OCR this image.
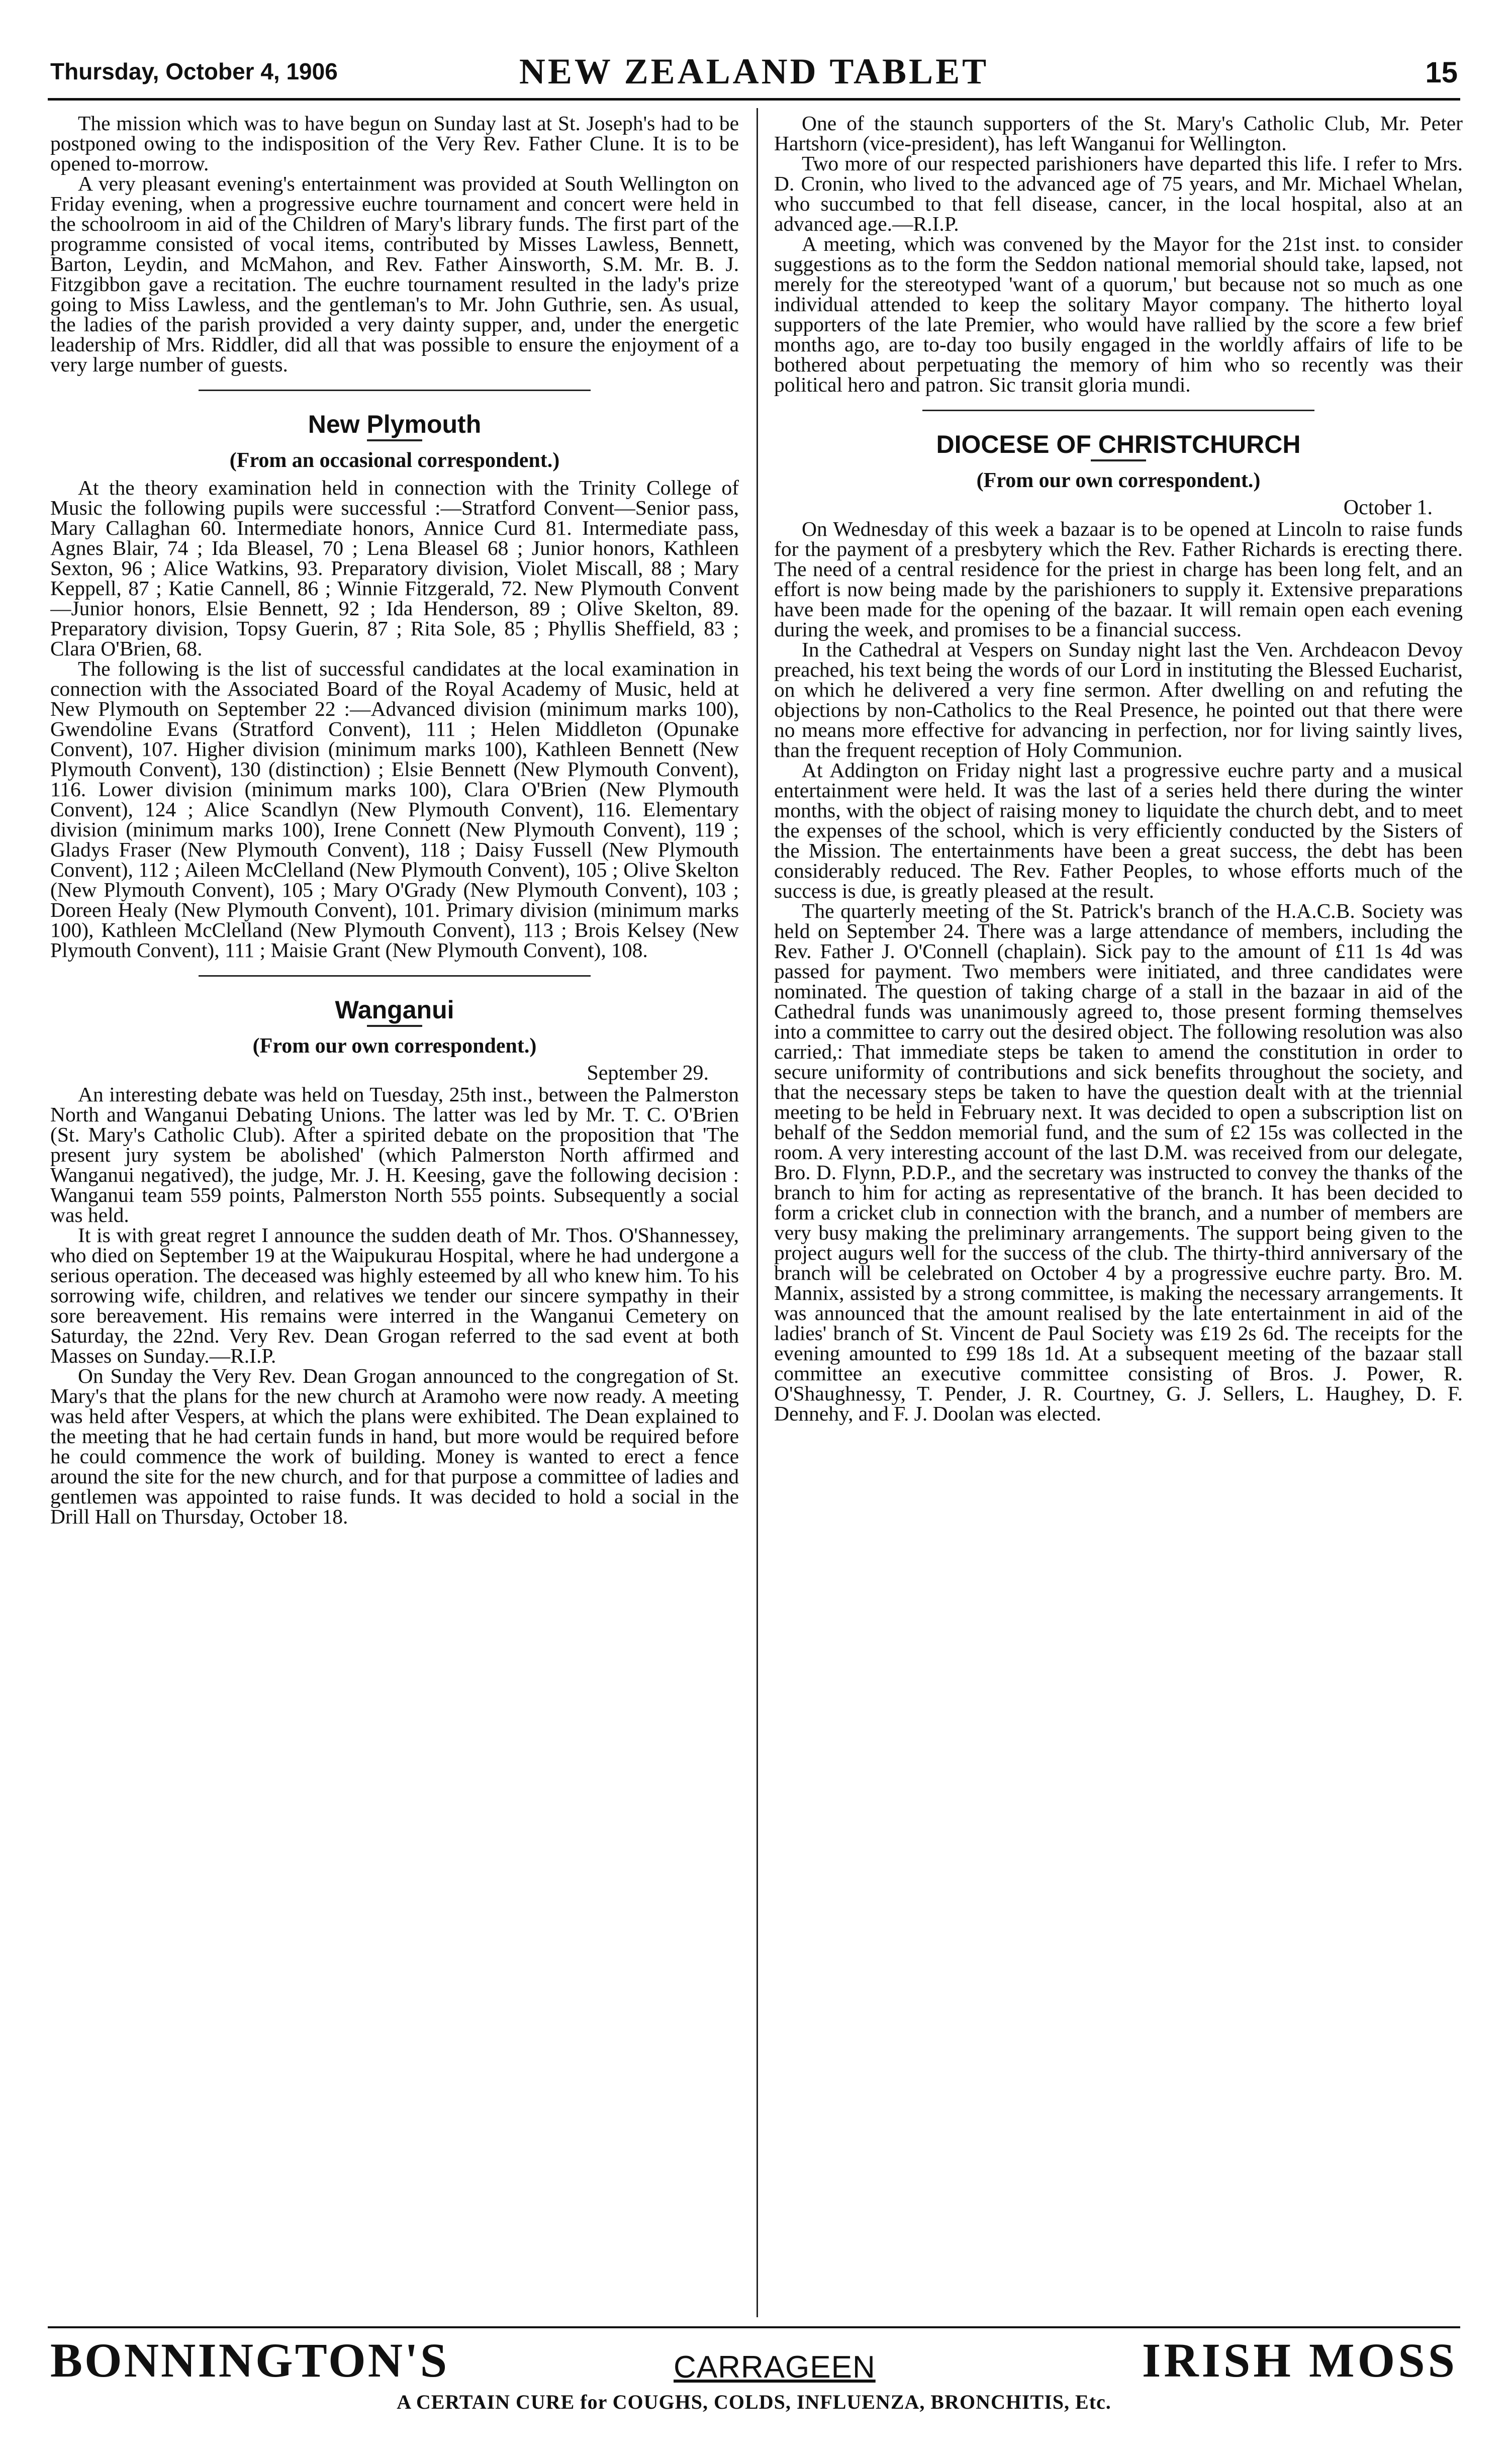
Thursday, October 4, 1906	NEW ZEALAND TABLET	15

The mission which was to have begun on Sunday last at St. Joseph's had to be postponed owing to the indisposition of the Very Rev. Father Clune. It is to be opened to-morrow.

A very pleasant evening's entertainment was provided at South Wellington on Friday evening, when a progressive euchre tournament and concert were held in the schoolroom in aid of the Children of Mary's library funds. The first part of the programme consisted of vocal items, contributed by Misses Lawless, Bennett, Barton, Leydin, and McMahon, and Rev. Father Ainsworth, S.M. Mr. B. J. Fitzgibbon gave a recitation. The euchre tournament resulted in the lady's prize going to Miss Lawless, and the gentleman's to Mr. John Guthrie, sen. As usual, the ladies of the parish provided a very dainty supper, and, under the energetic leadership of Mrs. Riddler, did all that was possible to ensure the enjoyment of a very large number of guests.

New Plymouth
(From an occasional correspondent.)

At the theory examination held in connection with the Trinity College of Music the following pupils were successful :—Stratford Convent—Senior pass, Mary Callaghan 60. Intermediate honors, Annice Curd 81. Intermediate pass, Agnes Blair, 74 ; Ida Bleasel, 70 ; Lena Bleasel 68 ; Junior honors, Kathleen Sexton, 96 ; Alice Watkins, 93. Preparatory division, Violet Miscall, 88 ; Mary Keppell, 87 ; Katie Cannell, 86 ; Winnie Fitzgerald, 72. New Plymouth Convent—Junior honors, Elsie Bennett, 92 ; Ida Henderson, 89 ; Olive Skelton, 89. Preparatory division, Topsy Guerin, 87 ; Rita Sole, 85 ; Phyllis Sheffield, 83 ; Clara O'Brien, 68.

The following is the list of successful candidates at the local examination in connection with the Associated Board of the Royal Academy of Music, held at New Plymouth on September 22 :—Advanced division (minimum marks 100), Gwendoline Evans (Stratford Convent), 111 ; Helen Middleton (Opunake Convent), 107. Higher division (minimum marks 100), Kathleen Bennett (New Plymouth Convent), 130 (distinction) ; Elsie Bennett (New Plymouth Convent), 116. Lower division (minimum marks 100), Clara O'Brien (New Plymouth Convent), 124 ; Alice Scandlyn (New Plymouth Convent), 116. Elementary division (minimum marks 100), Irene Connett (New Plymouth Convent), 119 ; Gladys Fraser (New Plymouth Convent), 118 ; Daisy Fussell (New Plymouth Convent), 112 ; Aileen McClelland (New Plymouth Convent), 105 ; Olive Skelton (New Plymouth Convent), 105 ; Mary O'Grady (New Plymouth Convent), 103 ; Doreen Healy (New Plymouth Convent), 101. Primary division (minimum marks 100), Kathleen McClelland (New Plymouth Convent), 113 ; Brois Kelsey (New Plymouth Convent), 111 ; Maisie Grant (New Plymouth Convent), 108.

Wanganui
(From our own correspondent.)
September 29.

An interesting debate was held on Tuesday, 25th inst., between the Palmerston North and Wanganui Debating Unions. The latter was led by Mr. T. C. O'Brien (St. Mary's Catholic Club). After a spirited debate on the proposition that 'The present jury system be abolished' (which Palmerston North affirmed and Wanganui negatived), the judge, Mr. J. H. Keesing, gave the following decision : Wanganui team 559 points, Palmerston North 555 points. Subsequently a social was held.

It is with great regret I announce the sudden death of Mr. Thos. O'Shannessey, who died on September 19 at the Waipukurau Hospital, where he had undergone a serious operation. The deceased was highly esteemed by all who knew him. To his sorrowing wife, children, and relatives we tender our sincere sympathy in their sore bereavement. His remains were interred in the Wanganui Cemetery on Saturday, the 22nd. Very Rev. Dean Grogan referred to the sad event at both Masses on Sunday.—R.I.P.

On Sunday the Very Rev. Dean Grogan announced to the congregation of St. Mary's that the plans for the new church at Aramoho were now ready. A meeting was held after Vespers, at which the plans were exhibited. The Dean explained to the meeting that he had certain funds in hand, but more would be required before he could commence the work of building. Money is wanted to erect a fence around the site for the new church, and for that purpose a committee of ladies and gentlemen was appointed to raise funds. It was decided to hold a social in the Drill Hall on Thursday, October 18.

One of the staunch supporters of the St. Mary's Catholic Club, Mr. Peter Hartshorn (vice-president), has left Wanganui for Wellington.

Two more of our respected parishioners have departed this life. I refer to Mrs. D. Cronin, who lived to the advanced age of 75 years, and Mr. Michael Whelan, who succumbed to that fell disease, cancer, in the local hospital, also at an advanced age.—R.I.P.

A meeting, which was convened by the Mayor for the 21st inst. to consider suggestions as to the form the Seddon national memorial should take, lapsed, not merely for the stereotyped 'want of a quorum,' but because not so much as one individual attended to keep the solitary Mayor company. The hitherto loyal supporters of the late Premier, who would have rallied by the score a few brief months ago, are to-day too busily engaged in the worldly affairs of life to be bothered about perpetuating the memory of him who so recently was their political hero and patron. Sic transit gloria mundi.

DIOCESE OF CHRISTCHURCH
(From our own correspondent.)
October 1.

On Wednesday of this week a bazaar is to be opened at Lincoln to raise funds for the payment of a presbytery which the Rev. Father Richards is erecting there. The need of a central residence for the priest in charge has been long felt, and an effort is now being made by the parishioners to supply it. Extensive preparations have been made for the opening of the bazaar. It will remain open each evening during the week, and promises to be a financial success.

In the Cathedral at Vespers on Sunday night last the Ven. Archdeacon Devoy preached, his text being the words of our Lord in instituting the Blessed Eucharist, on which he delivered a very fine sermon. After dwelling on and refuting the objections by non-Catholics to the Real Presence, he pointed out that there were no means more effective for advancing in perfection, nor for living saintly lives, than the frequent reception of Holy Communion.

At Addington on Friday night last a progressive euchre party and a musical entertainment were held. It was the last of a series held there during the winter months, with the object of raising money to liquidate the church debt, and to meet the expenses of the school, which is very efficiently conducted by the Sisters of the Mission. The entertainments have been a great success, the debt has been considerably reduced. The Rev. Father Peoples, to whose efforts much of the success is due, is greatly pleased at the result.

The quarterly meeting of the St. Patrick's branch of the H.A.C.B. Society was held on September 24. There was a large attendance of members, including the Rev. Father J. O'Connell (chaplain). Sick pay to the amount of £11 1s 4d was passed for payment. Two members were initiated, and three candidates were nominated. The question of taking charge of a stall in the bazaar in aid of the Cathedral funds was unanimously agreed to, those present forming themselves into a committee to carry out the desired object. The following resolution was also carried,: That immediate steps be taken to amend the constitution in order to secure uniformity of contributions and sick benefits throughout the society, and that the necessary steps be taken to have the question dealt with at the triennial meeting to be held in February next. It was decided to open a subscription list on behalf of the Seddon memorial fund, and the sum of £2 15s was collected in the room. A very interesting account of the last D.M. was received from our delegate, Bro. D. Flynn, P.D.P., and the secretary was instructed to convey the thanks of the branch to him for acting as representative of the branch. It has been decided to form a cricket club in connection with the branch, and a number of members are very busy making the preliminary arrangements. The support being given to the project augurs well for the success of the club. The thirty-third anniversary of the branch will be celebrated on October 4 by a progressive euchre party. Bro. M. Mannix, assisted by a strong committee, is making the necessary arrangements. It was announced that the amount realised by the late entertainment in aid of the ladies' branch of St. Vincent de Paul Society was £19 2s 6d. The receipts for the evening amounted to £99 18s 1d. At a subsequent meeting of the bazaar stall committee an executive committee consisting of Bros. J. Power, R. O'Shaughnessy, T. Pender, J. R. Courtney, G. J. Sellers, L. Haughey, D. F. Dennehy, and F. J. Doolan was elected.

BONNINGTON'S	CARRAGEEN	IRISH MOSS
A CERTAIN CURE for COUGHS, COLDS, INFLUENZA, BRONCHITIS, Etc.
